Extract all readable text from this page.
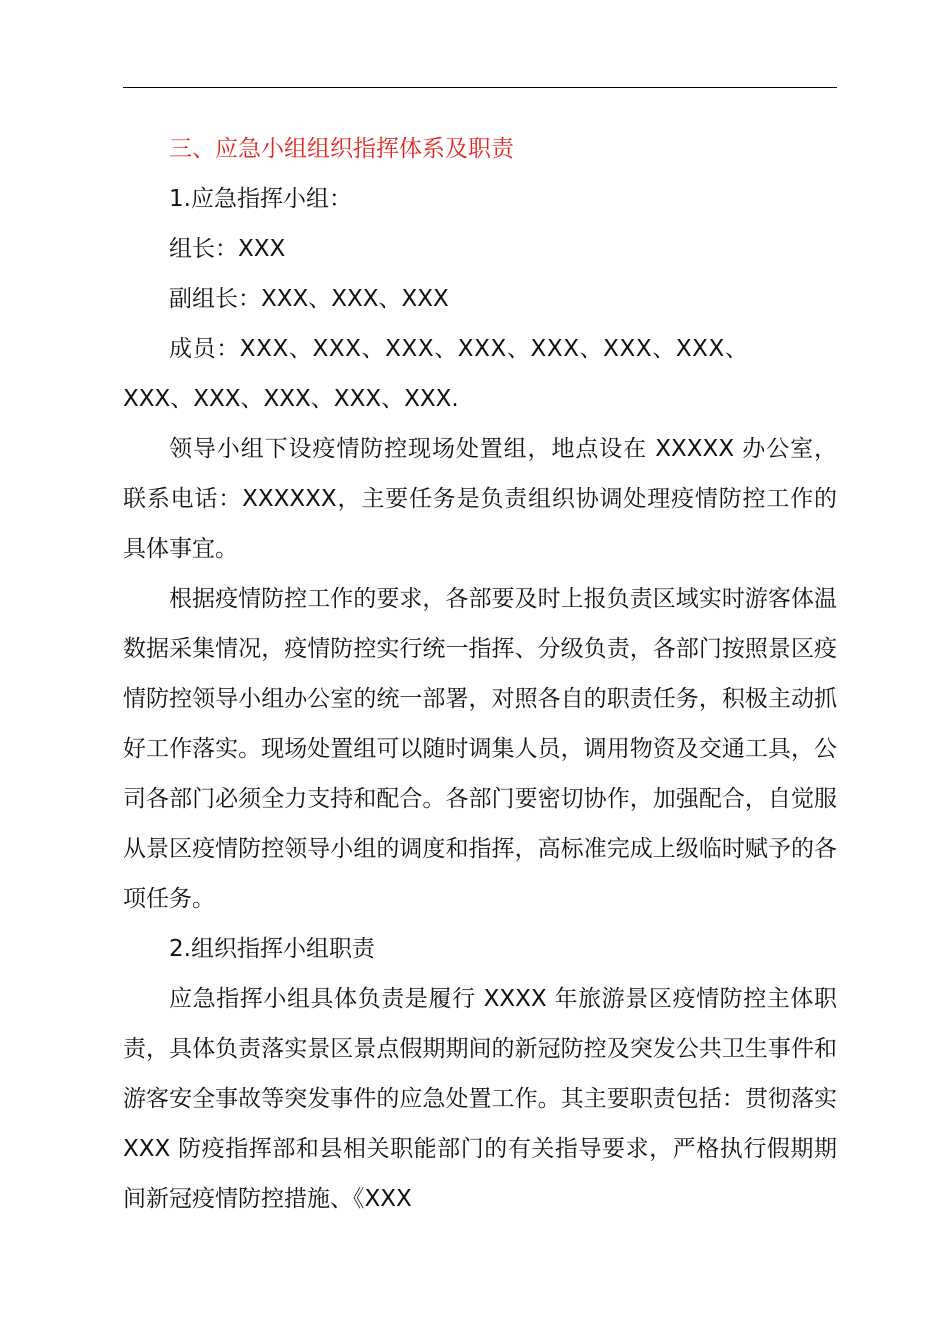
三、应急小组组织指挥体系及职责

1.应急指挥小组：

组长：XXX

副组长：XXX、XXX、XXX

成员：XXX、XXX、XXX、XXX、XXX、XXX、XXX、

XXX、XXX、XXX、XXX、XXX.

领导小组下设疫情防控现场处置组，地点设在 XXXXX 办公室，联系电话：XXXXXX，主要任务是负责组织协调处理疫情防控工作的具体事宜。

根据疫情防控工作的要求，各部要及时上报负责区域实时游客体温数据采集情况，疫情防控实行统一指挥、分级负责，各部门按照景区疫情防控领导小组办公室的统一部署，对照各自的职责任务，积极主动抓好工作落实。现场处置组可以随时调集人员，调用物资及交通工具，公司各部门必须全力支持和配合。各部门要密切协作，加强配合，自觉服从景区疫情防控领导小组的调度和指挥，高标准完成上级临时赋予的各项任务。

2.组织指挥小组职责

应急指挥小组具体负责是履行 XXXX 年旅游景区疫情防控主体职责，具体负责落实景区景点假期期间的新冠防控及突发公共卫生事件和游客安全事故等突发事件的应急处置工作。其主要职责包括：贯彻落实 XXX 防疫指挥部和县相关职能部门的有关指导要求，严格执行假期期间新冠疫情防控措施、《XXX
